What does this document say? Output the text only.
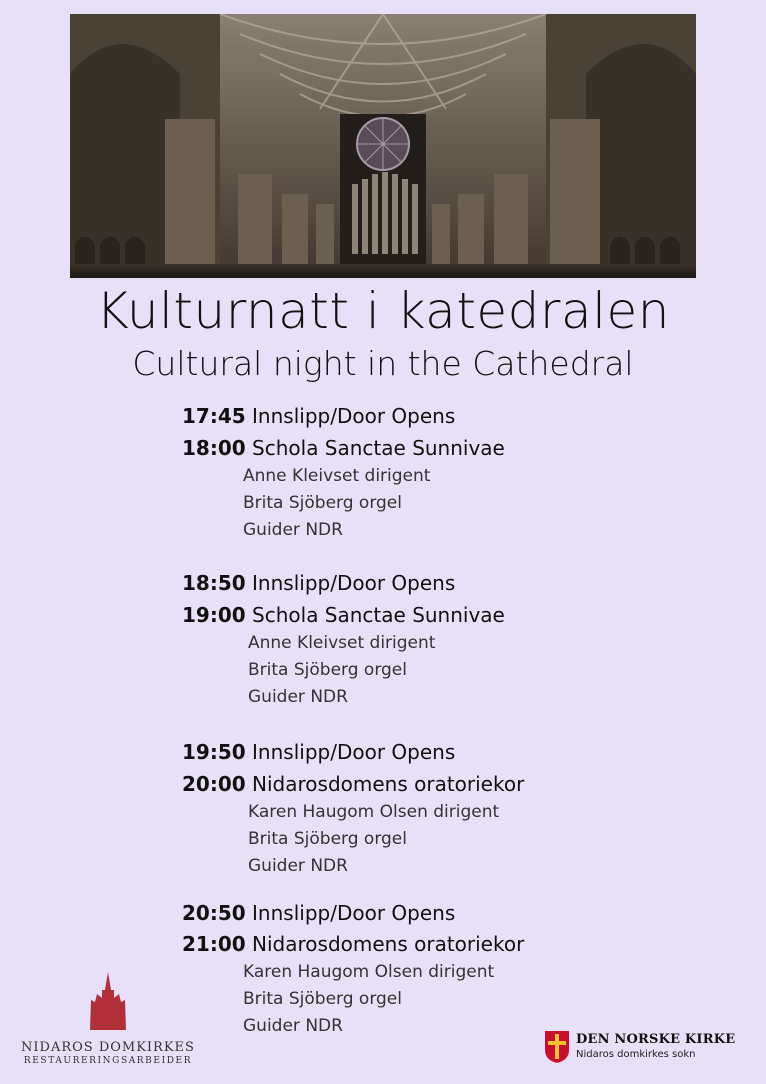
Kulturnatt i katedralen
Cultural night in the Cathedral
17:45 Innslipp/Door Opens
18:00 Schola Sanctae Sunnivae
Anne Kleivset dirigent
Brita Sjöberg orgel
Guider NDR
18:50 Innslipp/Door Opens
19:00 Schola Sanctae Sunnivae
Anne Kleivset dirigent
Brita Sjöberg orgel
Guider NDR
19:50 Innslipp/Door Opens
20:00 Nidarosdomens oratoriekor
Karen Haugom Olsen dirigent
Brita Sjöberg orgel
Guider NDR
20:50 Innslipp/Door Opens
21:00 Nidarosdomens oratoriekor
Karen Haugom Olsen dirigent
Brita Sjöberg orgel
Guider NDR
NIDAROS DOMKIRKES
RESTAURERINGSARBEIDER
DEN NORSKE KIRKE
Nidaros domkirkes sokn
